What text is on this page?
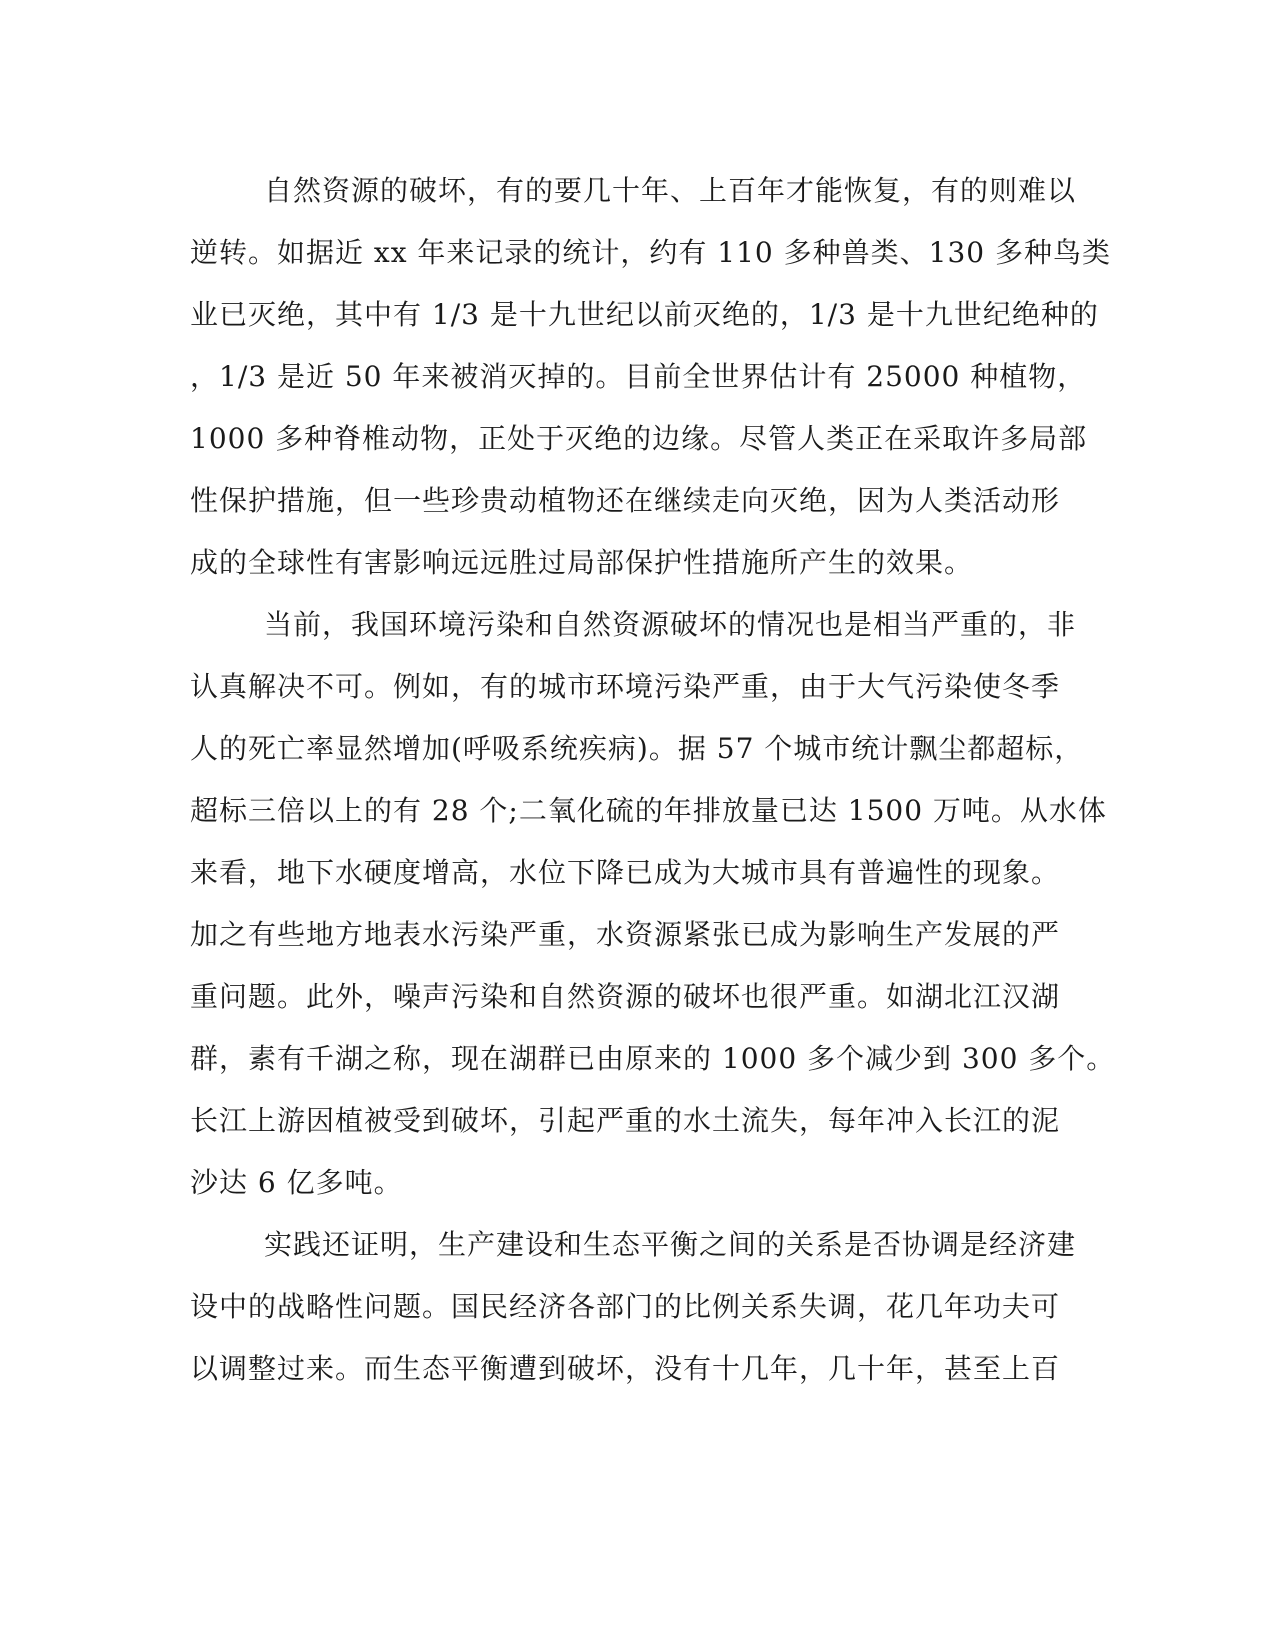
自然资源的破坏，有的要几十年、上百年才能恢复，有的则难以
逆转。如据近 xx 年来记录的统计，约有 110 多种兽类、130 多种鸟类
业已灭绝，其中有 1/3 是十九世纪以前灭绝的，1/3 是十九世纪绝种的
，1/3 是近 50 年来被消灭掉的。目前全世界估计有 25000 种植物，
1000 多种脊椎动物，正处于灭绝的边缘。尽管人类正在采取许多局部
性保护措施，但一些珍贵动植物还在继续走向灭绝，因为人类活动形
成的全球性有害影响远远胜过局部保护性措施所产生的效果。
当前，我国环境污染和自然资源破坏的情况也是相当严重的，非
认真解决不可。例如，有的城市环境污染严重，由于大气污染使冬季
人的死亡率显然增加(呼吸系统疾病)。据 57 个城市统计飘尘都超标，
超标三倍以上的有 28 个;二氧化硫的年排放量已达 1500 万吨。从水体
来看，地下水硬度增高，水位下降已成为大城市具有普遍性的现象。
加之有些地方地表水污染严重，水资源紧张已成为影响生产发展的严
重问题。此外，噪声污染和自然资源的破坏也很严重。如湖北江汉湖
群，素有千湖之称，现在湖群已由原来的 1000 多个减少到 300 多个。
长江上游因植被受到破坏，引起严重的水土流失，每年冲入长江的泥
沙达 6 亿多吨。
实践还证明，生产建设和生态平衡之间的关系是否协调是经济建
设中的战略性问题。国民经济各部门的比例关系失调，花几年功夫可
以调整过来。而生态平衡遭到破坏，没有十几年，几十年，甚至上百
